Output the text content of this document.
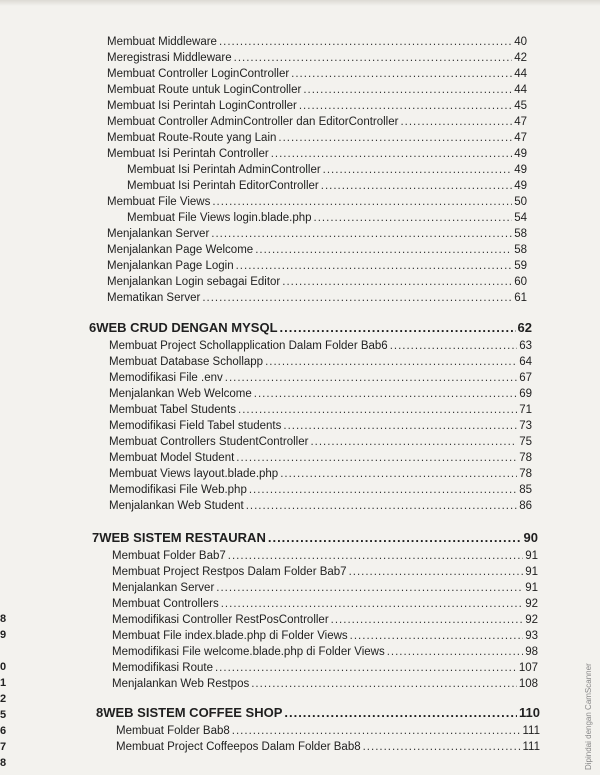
Membuat Middleware .....	40
Meregistrasi Middleware .....	42
Membuat Controller LoginController .....	44
Membuat Route untuk LoginController .....	44
Membuat Isi Perintah LoginController .....	45
Membuat Controller AdminController dan EditorController .....	47
Membuat Route-Route yang Lain .....	47
Membuat Isi Perintah Controller .....	49
Membuat Isi Perintah AdminController .....	49
Membuat Isi Perintah EditorController .....	49
Membuat File Views .....	50
Membuat File Views login.blade.php .....	54
Menjalankan Server .....	58
Menjalankan Page Welcome .....	58
Menjalankan Page Login .....	59
Menjalankan Login sebagai Editor .....	60
Mematikan Server .....	61
6 WEB CRUD DENGAN MYSQL .....	62
Membuat Project Schollapplication Dalam Folder Bab6 .....	63
Membuat Database Schollapp .....	64
Memodifikasi File .env .....	67
Menjalankan Web Welcome .....	69
Membuat Tabel Students .....	71
Memodifikasi Field Tabel students .....	73
Membuat Controllers StudentController .....	75
Membuat Model Student .....	78
Membuat Views layout.blade.php .....	78
Memodifikasi File Web.php .....	85
Menjalankan Web Student .....	86
7 WEB SISTEM RESTAURAN .....	90
Membuat Folder Bab7 .....	91
Membuat Project Restpos Dalam Folder Bab7 .....	91
Menjalankan Server .....	91
Membuat Controllers .....	92
Memodifikasi Controller RestPosController .....	92
Membuat File index.blade.php di Folder Views .....	93
Memodifikasi File welcome.blade.php di Folder Views .....	98
Memodifikasi Route .....	107
Menjalankan Web Restpos .....	108
8 WEB SISTEM COFFEE SHOP .....	110
Membuat Folder Bab8 .....	111
Membuat Project Coffeepos Dalam Folder Bab8 .....	111
8
9
0
1
2
5
6
7
8	Dipindai dengan CamScanner
